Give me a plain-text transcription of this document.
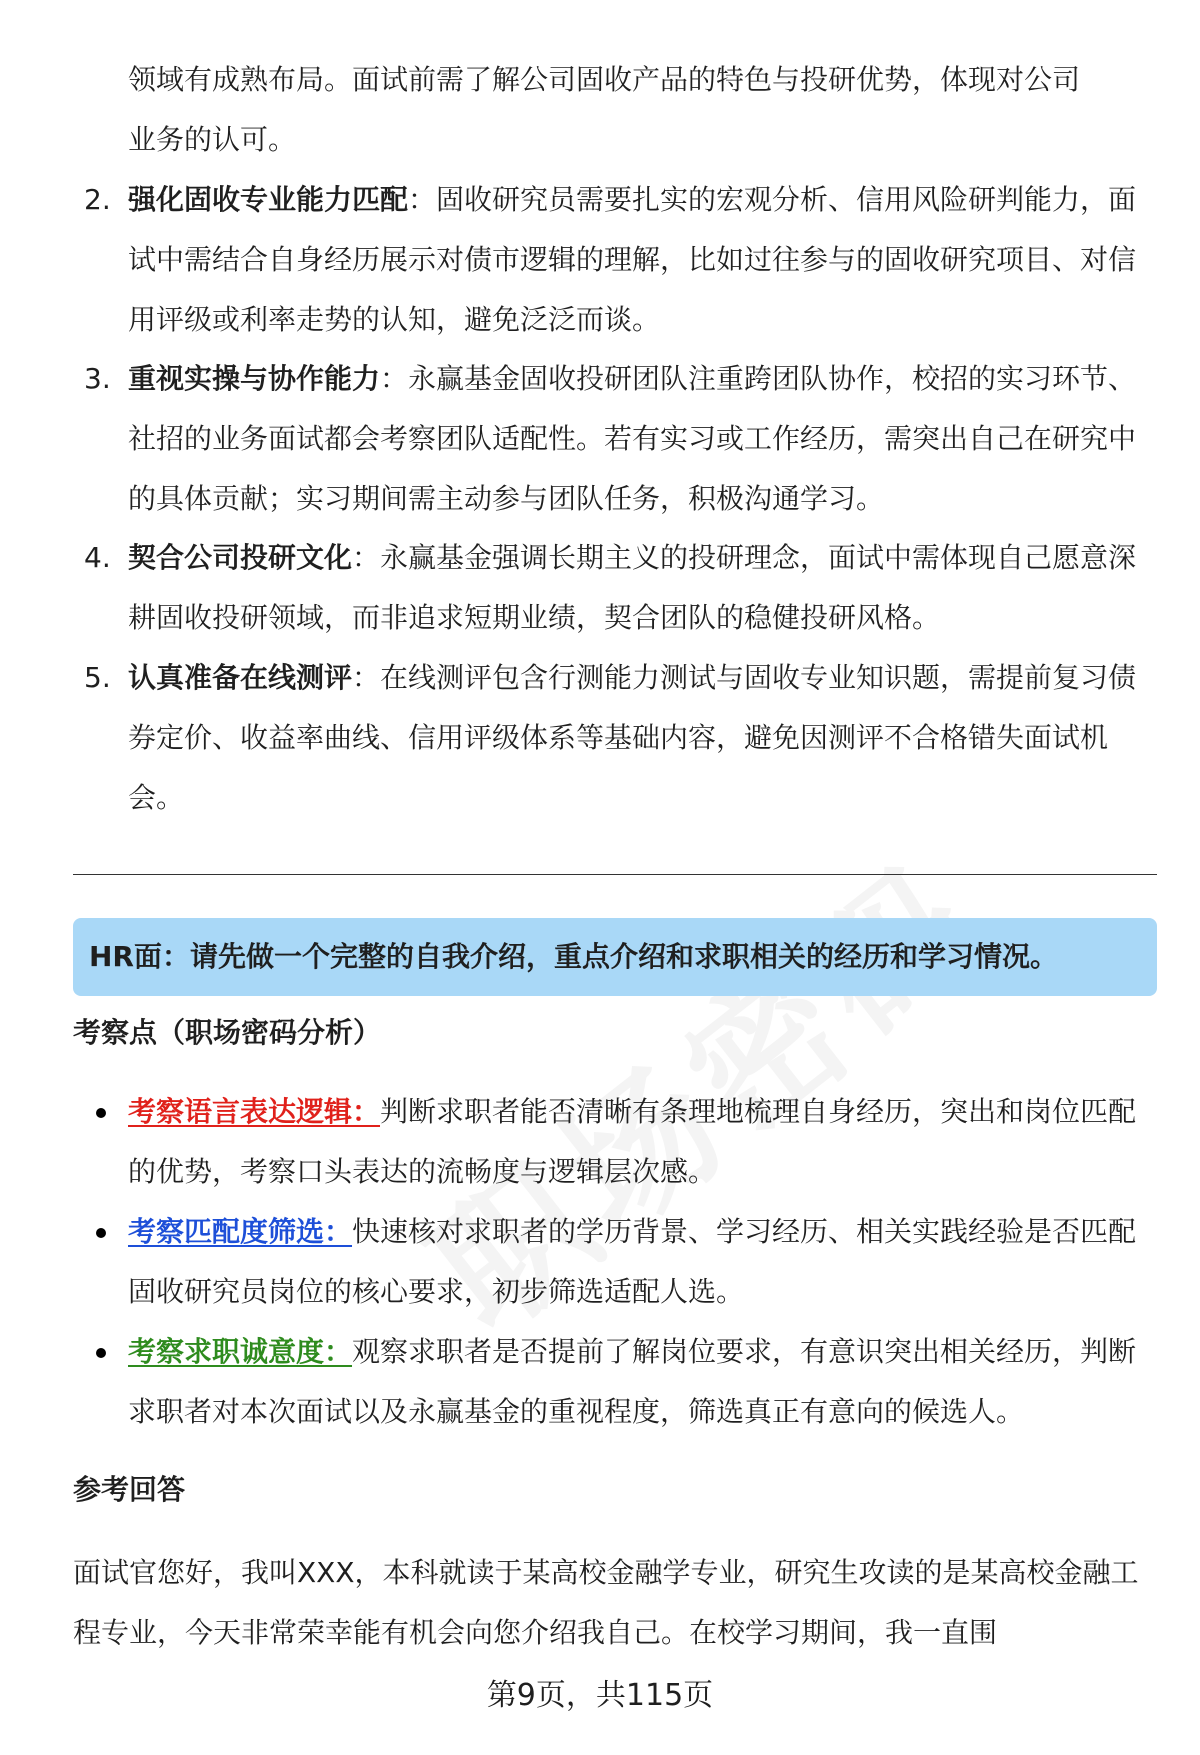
领域有成熟布局。面试前需了解公司固收产品的特色与投研优势，体现对公司
业务的认可。
2. 强化固收专业能力匹配：固收研究员需要扎实的宏观分析、信用风险研判能力，面试中需结合自身经历展示对债市逻辑的理解，比如过往参与的固收研究项目、对信用评级或利率走势的认知，避免泛泛而谈。
3. 重视实操与协作能力：永赢基金固收投研团队注重跨团队协作，校招的实习环节、社招的业务面试都会考察团队适配性。若有实习或工作经历，需突出自己在研究中的具体贡献；实习期间需主动参与团队任务，积极沟通学习。
4. 契合公司投研文化：永赢基金强调长期主义的投研理念，面试中需体现自己愿意深耕固收投研领域，而非追求短期业绩，契合团队的稳健投研风格。
5. 认真准备在线测评：在线测评包含行测能力测试与固收专业知识题，需提前复习债券定价、收益率曲线、信用评级体系等基础内容，避免因测评不合格错失面试机会。
HR面：请先做一个完整的自我介绍，重点介绍和求职相关的经历和学习情况。
考察点（职场密码分析）
考察语言表达逻辑：判断求职者能否清晰有条理地梳理自身经历，突出和岗位匹配的优势，考察口头表达的流畅度与逻辑层次感。
考察匹配度筛选：快速核对求职者的学历背景、学习经历、相关实践经验是否匹配固收研究员岗位的核心要求，初步筛选适配人选。
考察求职诚意度：观察求职者是否提前了解岗位要求，有意识突出相关经历，判断求职者对本次面试以及永赢基金的重视程度，筛选真正有意向的候选人。
参考回答
面试官您好，我叫XXX，本科就读于某高校金融学专业，研究生攻读的是某高校金融工程专业，今天非常荣幸能有机会向您介绍我自己。在校学习期间，我一直围
第9页，共115页
